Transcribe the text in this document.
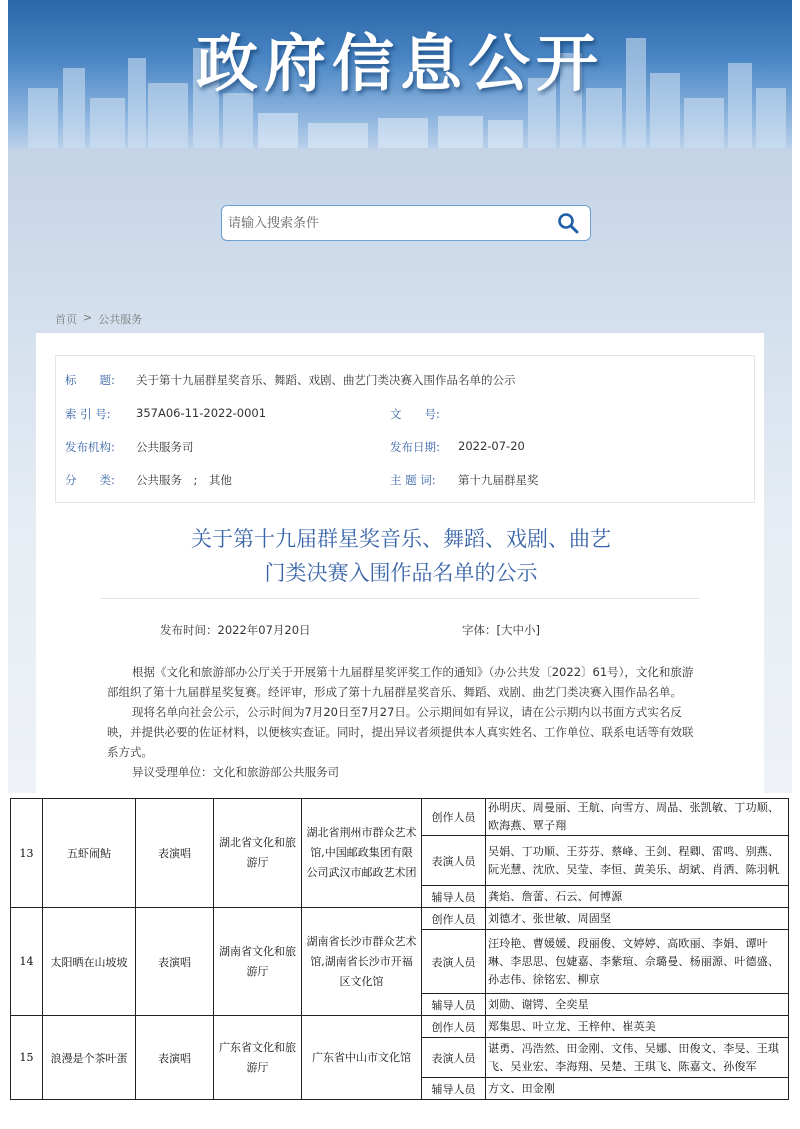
政府信息公开
请输入搜索条件
首页 > 公共服务
标　　题: 关于第十九届群星奖音乐、舞蹈、戏剧、曲艺门类决赛入围作品名单的公示
索 引 号: 357A06-11-2022-0001	文　　号:
发布机构: 公共服务司	发布日期: 2022-07-20
分　　类: 公共服务　;　其他	主 题 词: 第十九届群星奖
关于第十九届群星奖音乐、舞蹈、戏剧、曲艺
门类决赛入围作品名单的公示
发布时间：2022年07月20日	字体：[大中小]

根据《文化和旅游部办公厅关于开展第十九届群星奖评奖工作的通知》（办公共发〔2022〕61号），文化和旅游部组织了第十九届群星奖复赛。经评审，形成了第十九届群星奖音乐、舞蹈、戏剧、曲艺门类决赛入围作品名单。

现将名单向社会公示，公示时间为7月20日至7月27日。公示期间如有异议，请在公示期内以书面方式实名反映，并提供必要的佐证材料，以便核实查证。同时，提出异议者须提供本人真实姓名、工作单位、联系电话等有效联系方式。

异议受理单位：文化和旅游部公共服务司

13	五虾闹鲇	表演唱	湖北省文化和旅游厅	湖北省荆州市群众艺术馆,中国邮政集团有限公司武汉市邮政艺术团	创作人员	孙明庆、周曼丽、王航、向雪方、周晶、张凯敏、丁功顺、欧海燕、覃子翔
					表演人员	吴娟、丁功顺、王芬芬、蔡峰、王剑、程卿、雷鸣、别燕、阮光慧、沈欣、吴莹、李恒、黄美乐、胡斌、肖洒、陈羽帆
					辅导人员	龚焰、詹蕾、石云、何博源
14	太阳晒在山坡坡	表演唱	湖南省文化和旅游厅	湖南省长沙市群众艺术馆,湖南省长沙市开福区文化馆	创作人员	刘德才、张世敏、周固坚
					表演人员	汪玲艳、曹媛媛、段丽俊、文婷婷、高欧丽、李娟、谭叶琳、李思思、包婕嘉、李紫瑄、佘璐曼、杨丽源、叶德盛、孙志伟、徐铭宏、柳京
					辅导人员	刘勋、谢锷、全奕星
15	浪漫是个茶叶蛋	表演唱	广东省文化和旅游厅	广东省中山市文化馆	创作人员	郑集思、叶立龙、王梓仲、崔英美
					表演人员	谌勇、冯浩然、田金刚、文伟、吴娜、田俊文、李旻、王琪飞、吴业宏、李海翔、吴楚、王琪飞、陈嘉文、孙俊军
					辅导人员	方文、田金刚
